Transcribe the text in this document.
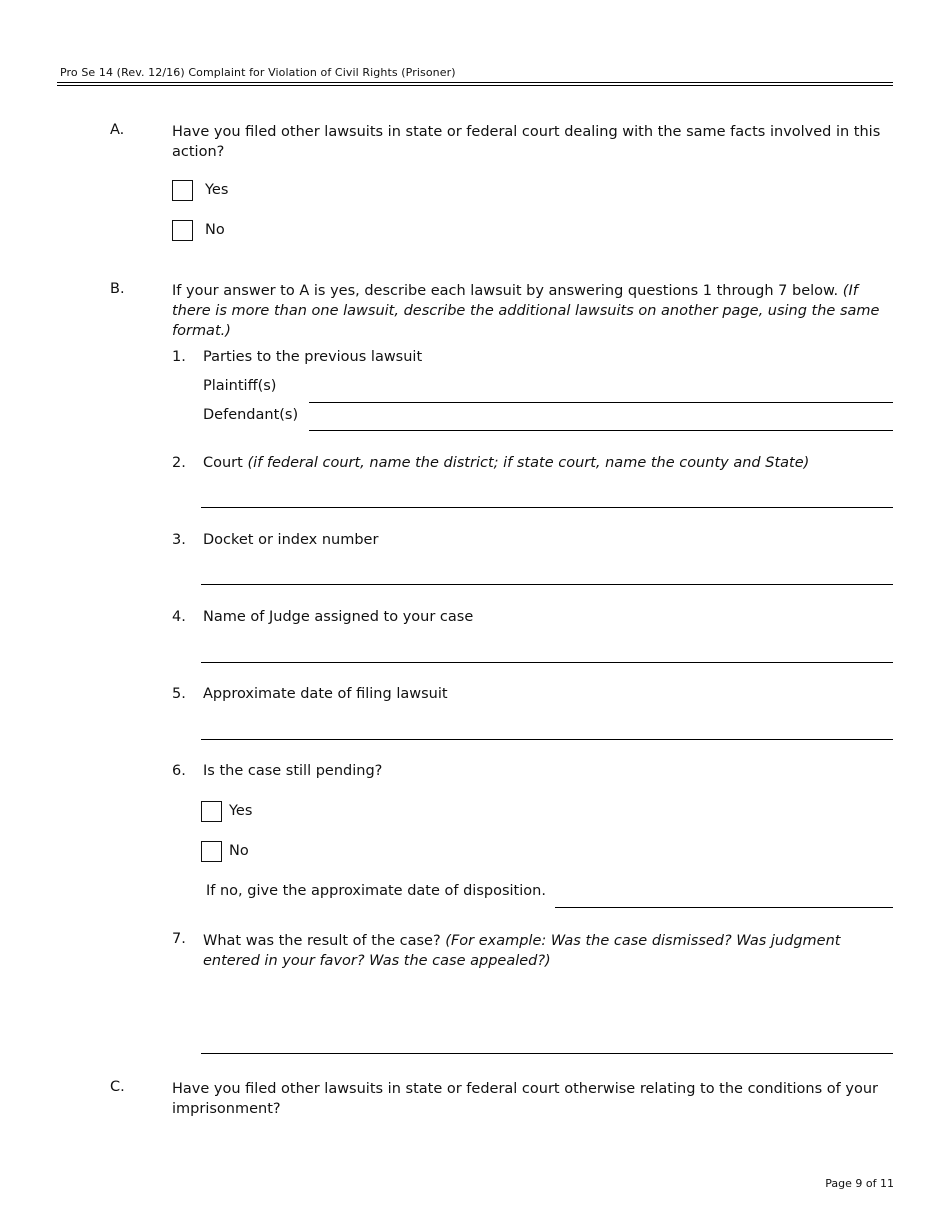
Pro Se 14 (Rev. 12/16) Complaint for Violation of Civil Rights (Prisoner)
A.	Have you filed other lawsuits in state or federal court dealing with the same facts involved in this action?
Yes
No
B.	If your answer to A is yes, describe each lawsuit by answering questions 1 through 7 below. (If there is more than one lawsuit, describe the additional lawsuits on another page, using the same format.)
1. Parties to the previous lawsuit
Plaintiff(s)
Defendant(s)
2. Court (if federal court, name the district; if state court, name the county and State)
3. Docket or index number
4. Name of Judge assigned to your case
5. Approximate date of filing lawsuit
6. Is the case still pending?
Yes
No
If no, give the approximate date of disposition.
7. What was the result of the case? (For example: Was the case dismissed? Was judgment entered in your favor? Was the case appealed?)
C.	Have you filed other lawsuits in state or federal court otherwise relating to the conditions of your imprisonment?
Page 9 of 11
